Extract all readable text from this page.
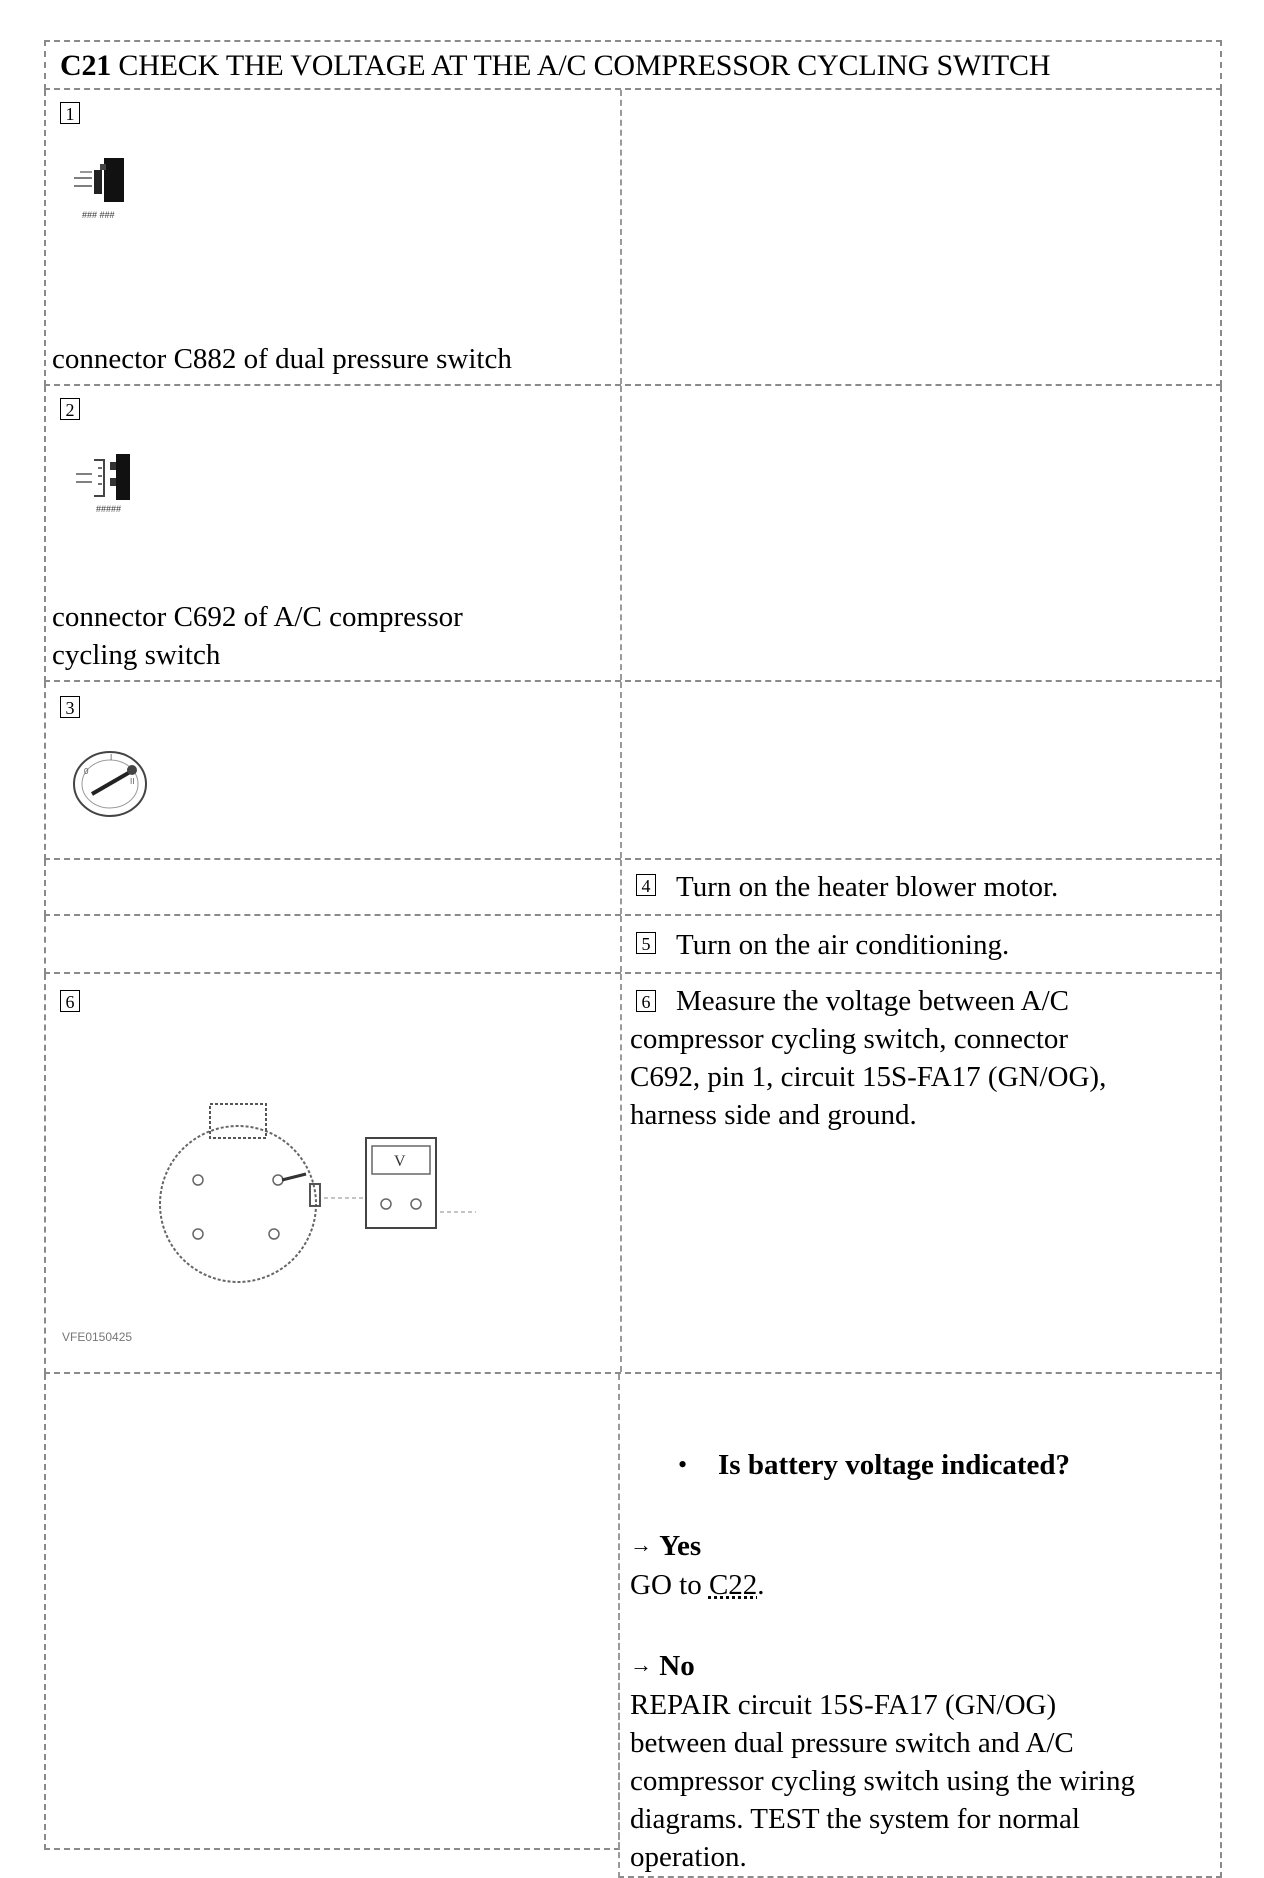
C21 CHECK THE VOLTAGE AT THE A/C COMPRESSOR CYCLING SWITCH
1
### ###
connector C882 of dual pressure switch
2
#####
connector C692 of A/C compressor
cycling switch
3
0
I
II
4 Turn on the heater blower motor.
5 Turn on the air conditioning.
6
V
VFE0150425
6 Measure the voltage between A/C
compressor cycling switch, connector
C692, pin 1, circuit 15S-FA17 (GN/OG),
harness side and ground.
• Is battery voltage indicated?
→ Yes
GO to C22.
→ No
REPAIR circuit 15S-FA17 (GN/OG)
between dual pressure switch and A/C
compressor cycling switch using the wiring
diagrams. TEST the system for normal
operation.
